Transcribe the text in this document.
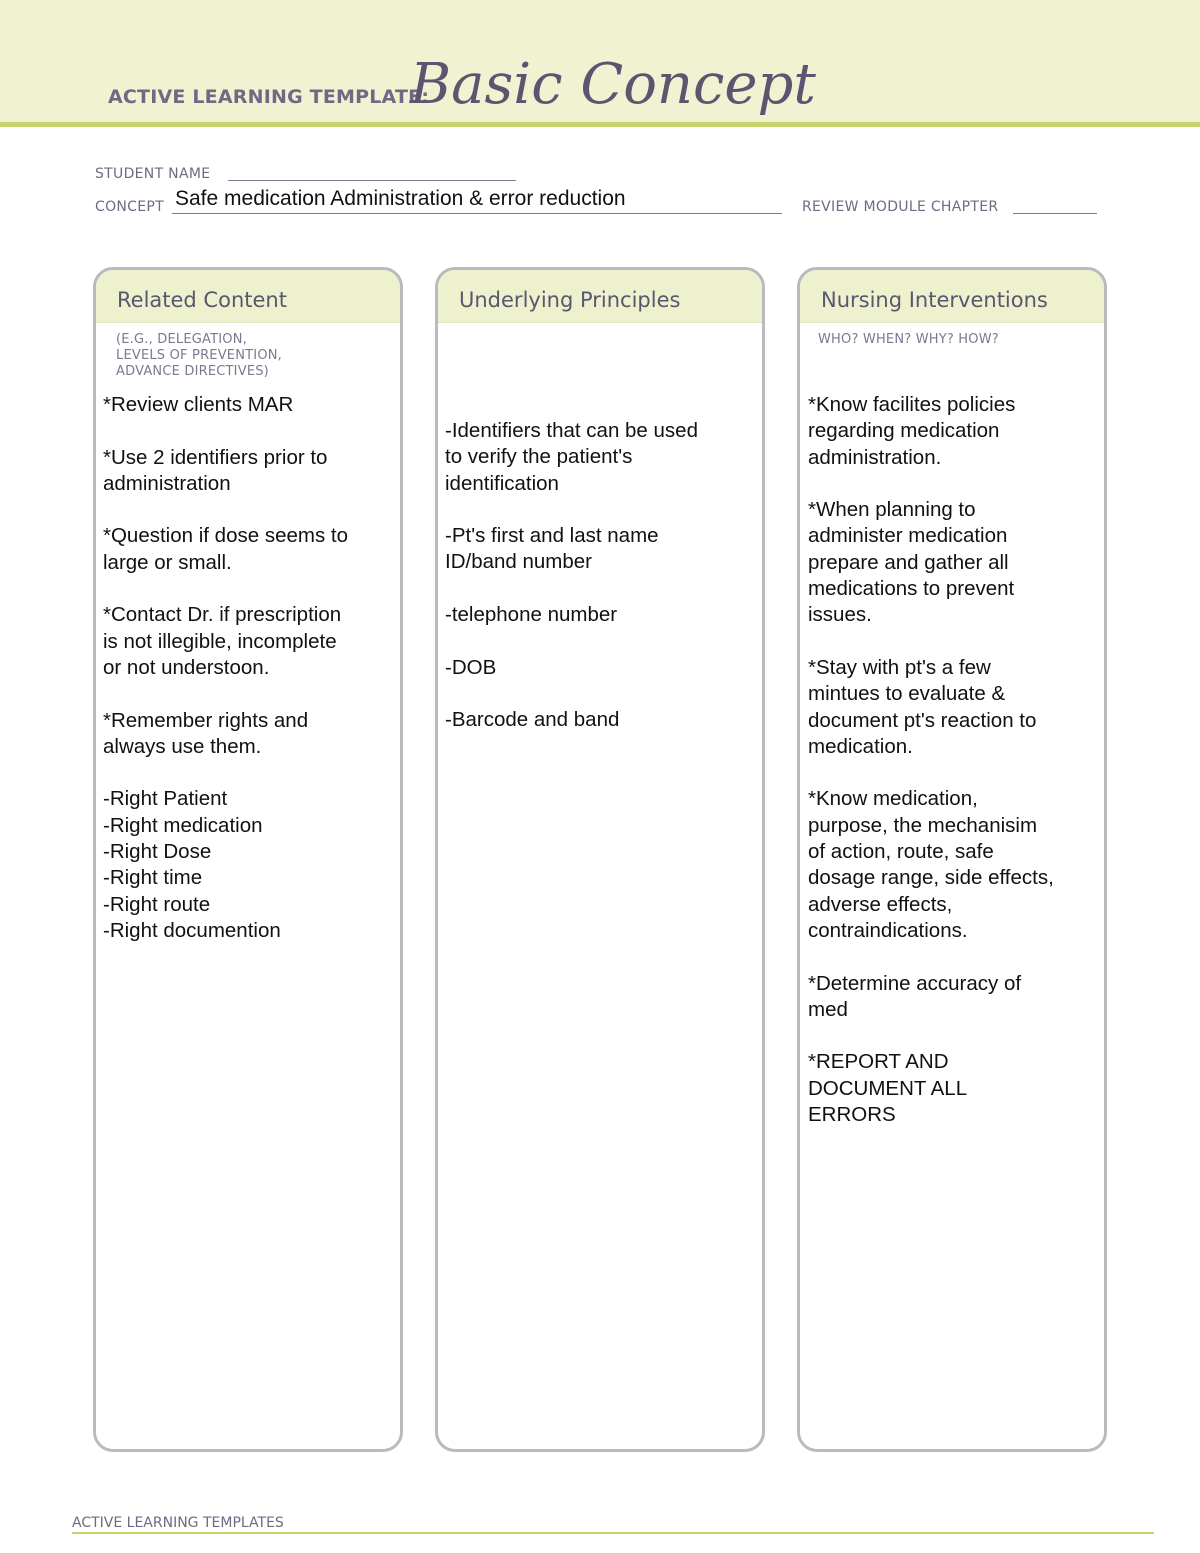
ACTIVE LEARNING TEMPLATE:
Basic Concept
STUDENT NAME
CONCEPT Safe medication Administration & error reduction	REVIEW MODULE CHAPTER
Related Content
(E.G., DELEGATION,
LEVELS OF PREVENTION,
ADVANCE DIRECTIVES)
*Review clients MAR

*Use 2 identifiers prior to
administration

*Question if dose seems to
large or small.

*Contact Dr. if prescription
is not illegible, incomplete
or not understoon.

*Remember rights and
always use them.

-Right Patient
-Right medication
-Right Dose
-Right time
-Right route
-Right documention
Underlying Principles
-Identifiers that can be used
to verify the patient's
identification

-Pt's first and last name
ID/band number

-telephone number

-DOB

-Barcode and band
Nursing Interventions
WHO? WHEN? WHY? HOW?
*Know facilites policies
regarding medication
administration.

*When planning to
administer medication
prepare and gather all
medications to prevent
issues.

*Stay with pt's a few
mintues to evaluate &
document pt's reaction to
medication.

*Know medication,
purpose, the mechanisim
of action, route, safe
dosage range, side effects,
adverse effects,
contraindications.

*Determine accuracy of
med

*REPORT AND
DOCUMENT ALL
ERRORS
ACTIVE LEARNING TEMPLATES
